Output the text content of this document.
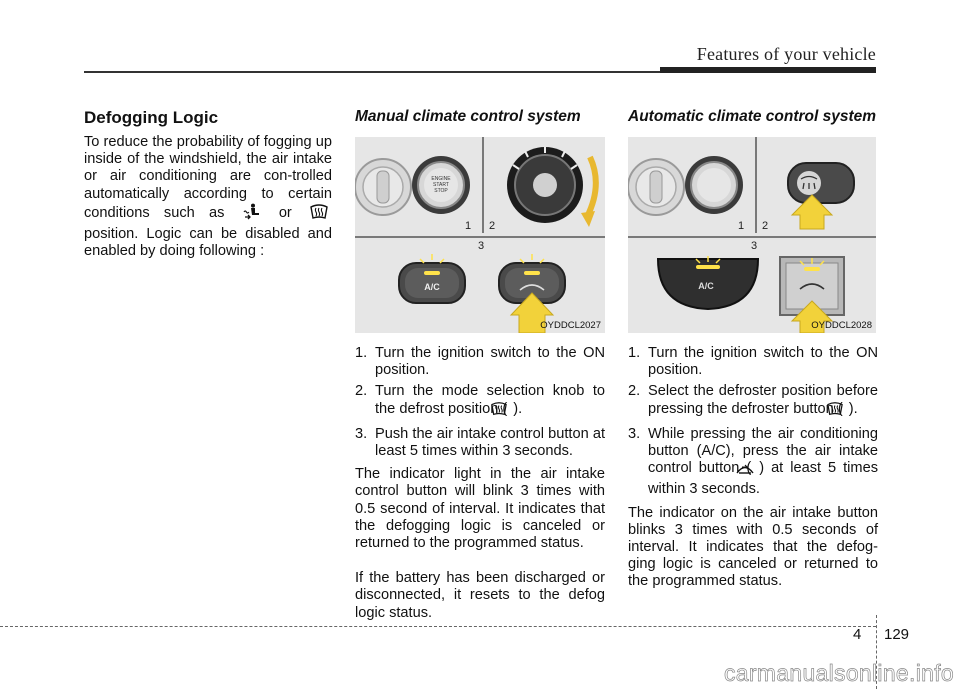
Features of your vehicle
Defogging Logic

To reduce the probability of fogging up inside of the windshield, the air intake or air conditioning are con-trolled automatically according to certain conditions such as	or  position. Logic can be disabled and enabled by doing following :

Manual climate control system
ENGINE
START
STOP
1 2
3
A/C
OYDDCL2027
1. Turn the ignition switch to the ON position.
2. Turn the mode selection knob to the defrost position ( ).
3. Push the air intake control button at least 5 times within 3 seconds.

The indicator light in the air intake control button will blink 3 times with 0.5 second of interval. It indicates that the defogging logic is canceled or returned to the programmed status.

If the battery has been discharged or disconnected, it resets to the defog logic status.

Automatic climate control system
1 2
3
A/C
OYDDCL2028
1. Turn the ignition switch to the ON position.
2. Select the defroster position before pressing the defroster button ( ).
3. While pressing the air conditioning button (A/C), press the air intake control button ( ) at least 5 times within 3 seconds.

The indicator on the air intake button blinks 3 times with 0.5 seconds of interval. It indicates that the defog-ging logic is canceled or returned to the programmed status.

4 129
carmanualsonline.info
